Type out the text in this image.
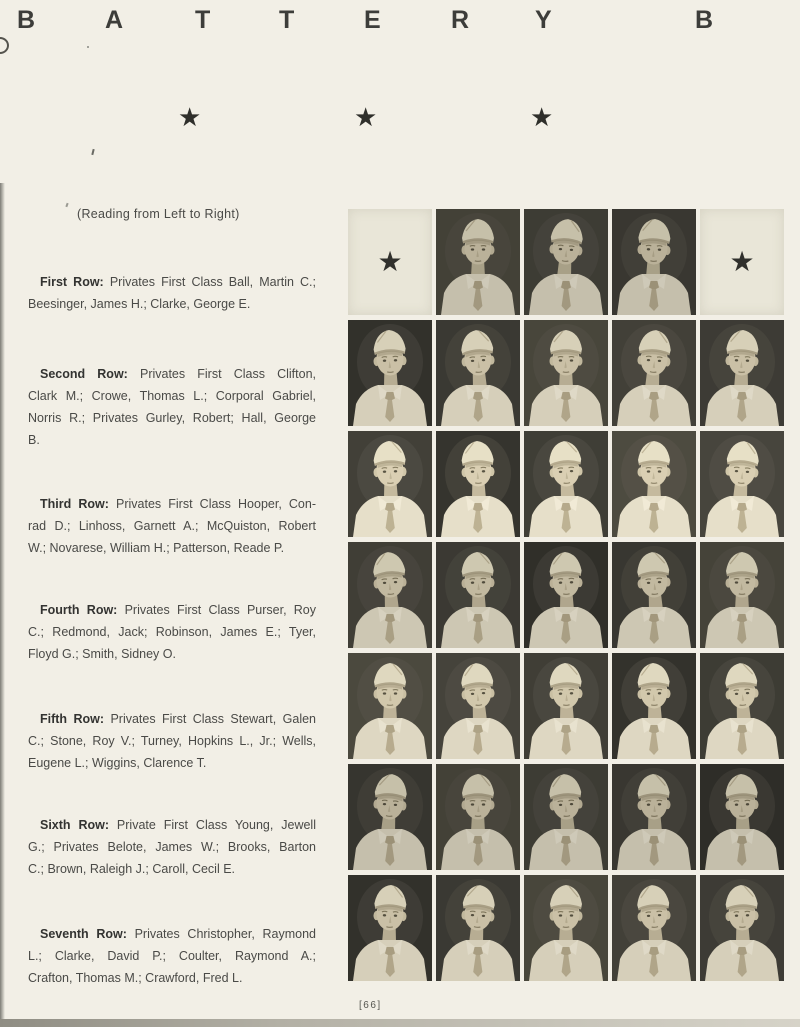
B	A	T	T	E	R	Y	B
★	★	★
(Reading from Left to Right)
First Row: Privates First Class Ball, Martin C.;
Beesinger, James H.; Clarke, George E.
Second Row: Privates First Class Clifton,
Clark M.; Crowe, Thomas L.; Corporal Gabriel,
Norris R.; Privates Gurley, Robert; Hall, George
B.
Third Row: Privates First Class Hooper, Con-
rad D.; Linhoss, Garnett A.; McQuiston, Robert
W.; Novarese, William H.; Patterson, Reade P.
Fourth Row: Privates First Class Purser, Roy
C.; Redmond, Jack; Robinson, James E.; Tyer,
Floyd G.; Smith, Sidney O.
Fifth Row: Privates First Class Stewart, Galen
C.; Stone, Roy V.; Turney, Hopkins L., Jr.; Wells,
Eugene L.; Wiggins, Clarence T.
Sixth Row: Private First Class Young, Jewell
G.; Privates Belote, James W.; Brooks, Barton
C.; Brown, Raleigh J.; Caroll, Cecil E.
Seventh Row: Privates Christopher, Raymond
L.; Clarke, David P.; Coulter, Raymond A.;
Crafton, Thomas M.; Crawford, Fred L.
★	★
[66]
